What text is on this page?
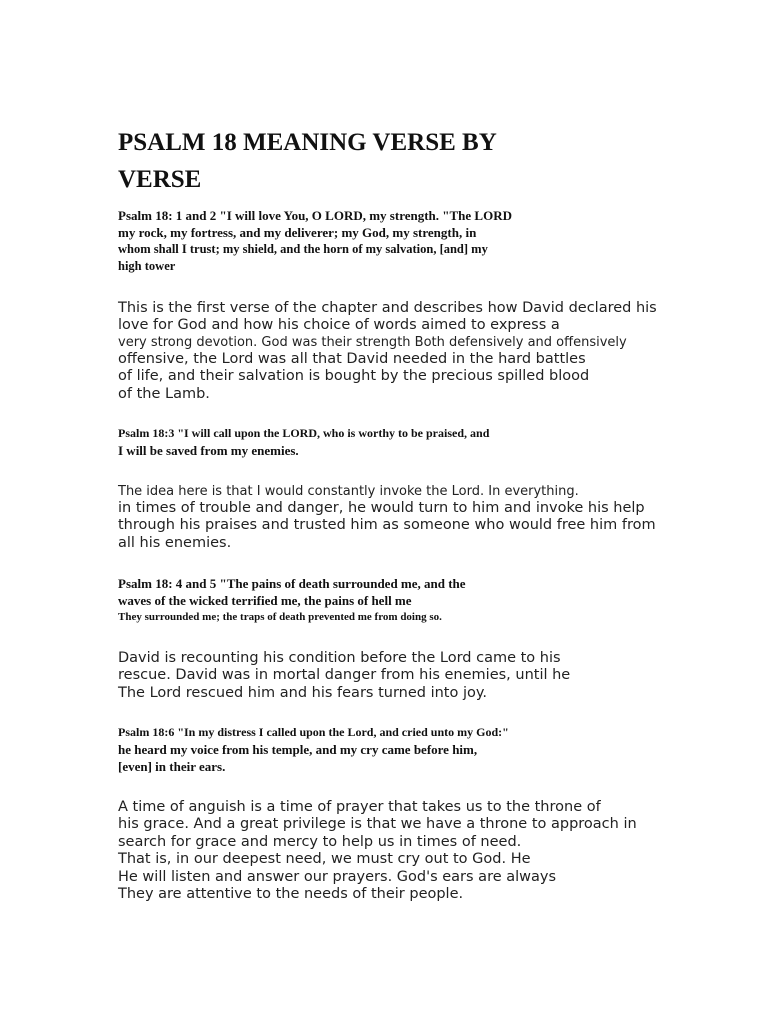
PSALM 18 MEANING VERSE BY
VERSE
Psalm 18: 1 and 2 "I will love You, O LORD, my strength. "The LORD
my rock, my fortress, and my deliverer; my God, my strength, in
whom shall I trust; my shield, and the horn of my salvation, [and] my
high tower
This is the first verse of the chapter and describes how David declared his
love for God and how his choice of words aimed to express a
very strong devotion. God was their strength Both defensively and offensively
offensive, the Lord was all that David needed in the hard battles
of life, and their salvation is bought by the precious spilled blood
of the Lamb.
Psalm 18:3 "I will call upon the LORD, who is worthy to be praised, and
I will be saved from my enemies.
The idea here is that I would constantly invoke the Lord. In everything.
in times of trouble and danger, he would turn to him and invoke his help
through his praises and trusted him as someone who would free him from
all his enemies.
Psalm 18: 4 and 5 "The pains of death surrounded me, and the
waves of the wicked terrified me, the pains of hell me
They surrounded me; the traps of death prevented me from doing so.
David is recounting his condition before the Lord came to his
rescue. David was in mortal danger from his enemies, until he
The Lord rescued him and his fears turned into joy.
Psalm 18:6 "In my distress I called upon the Lord, and cried unto my God:"
he heard my voice from his temple, and my cry came before him,
[even] in their ears.
A time of anguish is a time of prayer that takes us to the throne of
his grace. And a great privilege is that we have a throne to approach in
search for grace and mercy to help us in times of need.
That is, in our deepest need, we must cry out to God. He
He will listen and answer our prayers. God's ears are always
They are attentive to the needs of their people.
